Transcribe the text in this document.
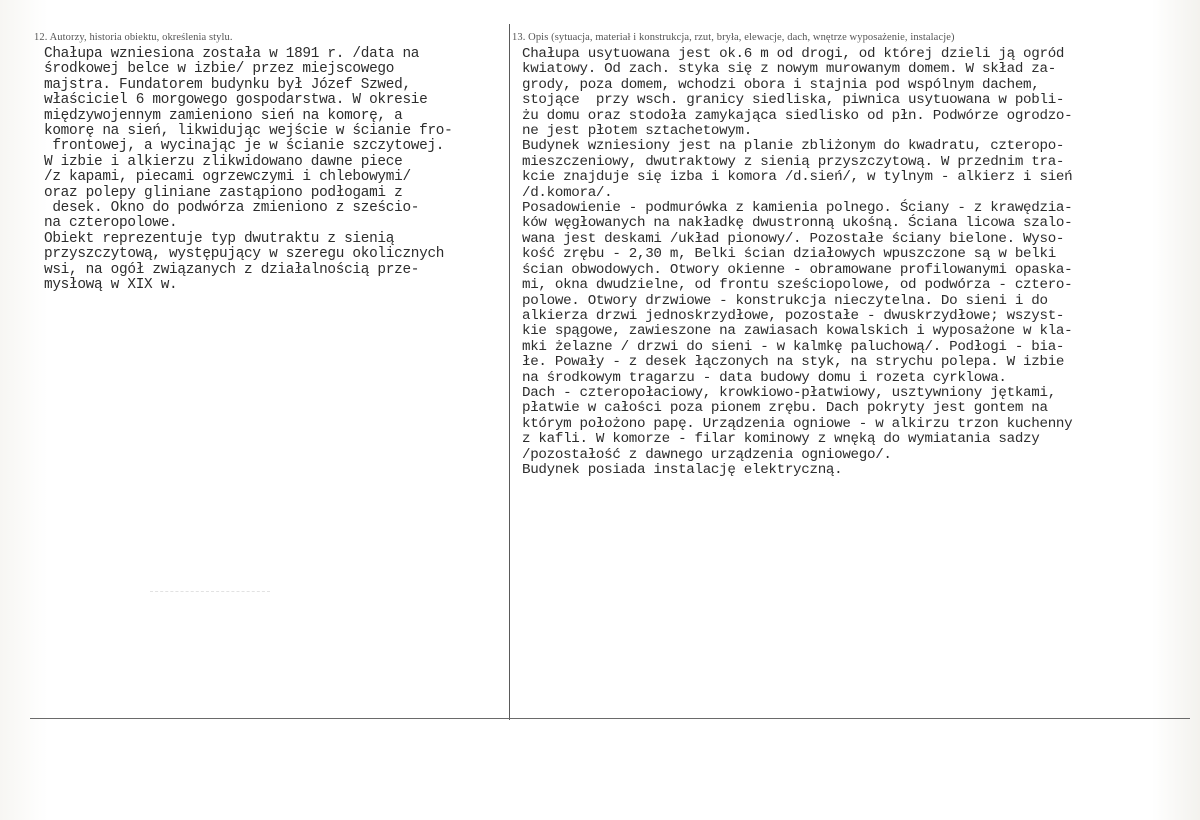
12. Autorzy, historia obiektu, określenia stylu.
Chałupa wzniesiona została w 1891 r. /data na
środkowej belce w izbie/ przez miejscowego
majstra. Fundatorem budynku był Józef Szwed,
właściciel 6 morgowego gospodarstwa. W okresie
międzywojennym zamieniono sień na komorę, a
komorę na sień, likwidując wejście w ścianie fro-
frontowej, a wycinając je w ścianie szczytowej.
W izbie i alkierzu zlikwidowano dawne piece
/z kapami, piecami ogrzewczymi i chlebowymi/
oraz polepy gliniane zastąpiono podłogami z
desek. Okno do podwórza zmieniono z sześcio-
na czteropolowe.
Obiekt reprezentuje typ dwutraktu z sienią
przyszczytową, występujący w szeregu okolicznych
wsi, na ogół związanych z działalnością prze-
mysłową w XIX w.
13. Opis (sytuacja, materiał i konstrukcja, rzut, bryła, elewacje, dach, wnętrze wyposażenie, instalacje)
Chałupa usytuowana jest ok.6 m od drogi, od której dzieli ją ogród
kwiatowy. Od zach. styka się z nowym murowanym domem. W skład za-
grody, poza domem, wchodzi obora i stajnia pod wspólnym dachem,
stojące  przy wsch. granicy siedliska, piwnica usytuowana w pobli-
żu domu oraz stodoła zamykająca siedlisko od płn. Podwórze ogrodzo-
ne jest płotem sztachetowym.
Budynek wzniesiony jest na planie zbliżonym do kwadratu, czteropo-
mieszczeniowy, dwutraktowy z sienią przyszczytową. W przednim tra-
kcie znajduje się izba i komora /d.sień/, w tylnym - alkierz i sień
/d.komora/.
Posadowienie - podmurówka z kamienia polnego. Ściany - z krawędzia-
ków węgłowanych na nakładkę dwustronną ukośną. Ściana licowa szalo-
wana jest deskami /układ pionowy/. Pozostałe ściany bielone. Wyso-
kość zrębu - 2,30 m, Belki ścian działowych wpuszczone są w belki
ścian obwodowych. Otwory okienne - obramowane profilowanymi opaska-
mi, okna dwudzielne, od frontu sześciopolowe, od podwórza - cztero-
polowe. Otwory drzwiowe - konstrukcja nieczytelna. Do sieni i do
alkierza drzwi jednoskrzydłowe, pozostałe - dwuskrzydłowe; wszyst-
kie spągowe, zawieszone na zawiasach kowalskich i wyposażone w kla-
mki żelazne / drzwi do sieni - w kalmkę paluchową/. Podłogi - bia-
łe. Powały - z desek łączonych na styk, na strychu polepa. W izbie
na środkowym tragarzu - data budowy domu i rozeta cyrklowa.
Dach - czteropołaciowy, krowkiowo-płatwiowy, usztywniony jętkami,
płatwie w całości poza pionem zrębu. Dach pokryty jest gontem na
którym położono papę. Urządzenia ogniowe - w alkirzu trzon kuchenny
z kafli. W komorze - filar kominowy z wnęką do wymiatania sadzy
/pozostałość z dawnego urządzenia ogniowego/.
Budynek posiada instalację elektryczną.
